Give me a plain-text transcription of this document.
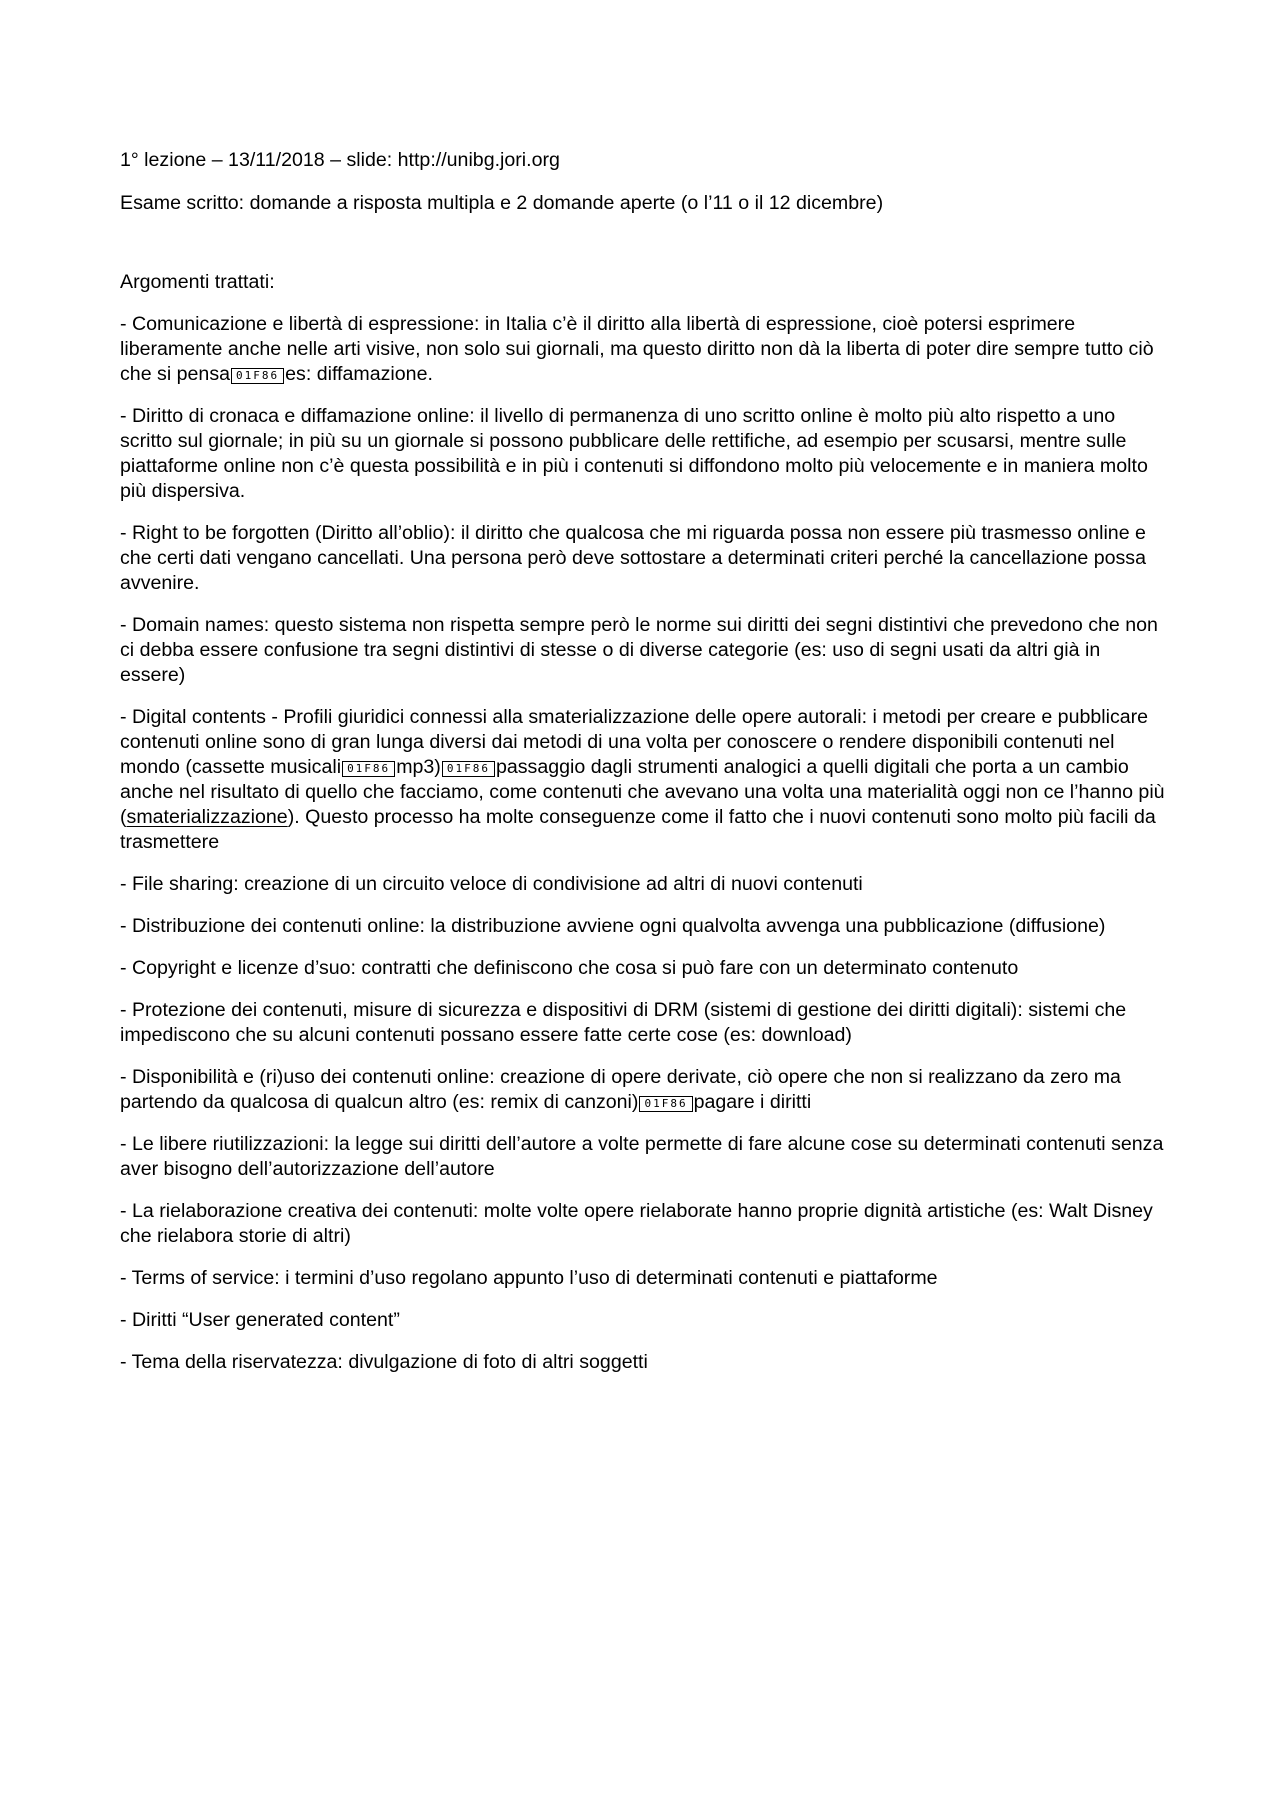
1° lezione – 13/11/2018 – slide: http://unibg.jori.org

Esame scritto: domande a risposta multipla e 2 domande aperte (o l’11 o il 12 dicembre)

Argomenti trattati:

- Comunicazione e libertà di espressione: in Italia c’è il diritto alla libertà di espressione, cioè potersi esprimere liberamente anche nelle arti visive, non solo sui giornali, ma questo diritto non dà la liberta di poter dire sempre tutto ciò che si pensa 01F86 es: diffamazione.

- Diritto di cronaca e diffamazione online: il livello di permanenza di uno scritto online è molto più alto rispetto a uno scritto sul giornale; in più su un giornale si possono pubblicare delle rettifiche, ad esempio per scusarsi, mentre sulle piattaforme online non c’è questa possibilità e in più i contenuti si diffondono molto più velocemente e in maniera molto più dispersiva.

- Right to be forgotten (Diritto all’oblio): il diritto che qualcosa che mi riguarda possa non essere più trasmesso online e che certi dati vengano cancellati. Una persona però deve sottostare a determinati criteri perché la cancellazione possa avvenire.

- Domain names: questo sistema non rispetta sempre però le norme sui diritti dei segni distintivi che prevedono che non ci debba essere confusione tra segni distintivi di stesse o di diverse categorie (es: uso di segni usati da altri già in essere)

- Digital contents - Profili giuridici connessi alla smaterializzazione delle opere autorali: i metodi per creare e pubblicare contenuti online sono di gran lunga diversi dai metodi di una volta per conoscere o rendere disponibili contenuti nel mondo (cassette musicali 01F86 mp3) 01F86 passaggio dagli strumenti analogici a quelli digitali che porta a un cambio anche nel risultato di quello che facciamo, come contenuti che avevano una volta una materialità oggi non ce l’hanno più (smaterializzazione). Questo processo ha molte conseguenze come il fatto che i nuovi contenuti sono molto più facili da trasmettere

- File sharing: creazione di un circuito veloce di condivisione ad altri di nuovi contenuti

- Distribuzione dei contenuti online: la distribuzione avviene ogni qualvolta avvenga una pubblicazione (diffusione)

- Copyright e licenze d’suo: contratti che definiscono che cosa si può fare con un determinato contenuto

- Protezione dei contenuti, misure di sicurezza e dispositivi di DRM (sistemi di gestione dei diritti digitali): sistemi che impediscono che su alcuni contenuti possano essere fatte certe cose (es: download)

- Disponibilità e (ri)uso dei contenuti online: creazione di opere derivate, ciò opere che non si realizzano da zero ma partendo da qualcosa di qualcun altro (es: remix di canzoni) 01F86 pagare i diritti

- Le libere riutilizzazioni: la legge sui diritti dell’autore a volte permette di fare alcune cose su determinati contenuti senza aver bisogno dell’autorizzazione dell’autore

- La rielaborazione creativa dei contenuti: molte volte opere rielaborate hanno proprie dignità artistiche (es: Walt Disney che rielabora storie di altri)

- Terms of service: i termini d’uso regolano appunto l’uso di determinati contenuti e piattaforme

- Diritti “User generated content”

- Tema della riservatezza: divulgazione di foto di altri soggetti
